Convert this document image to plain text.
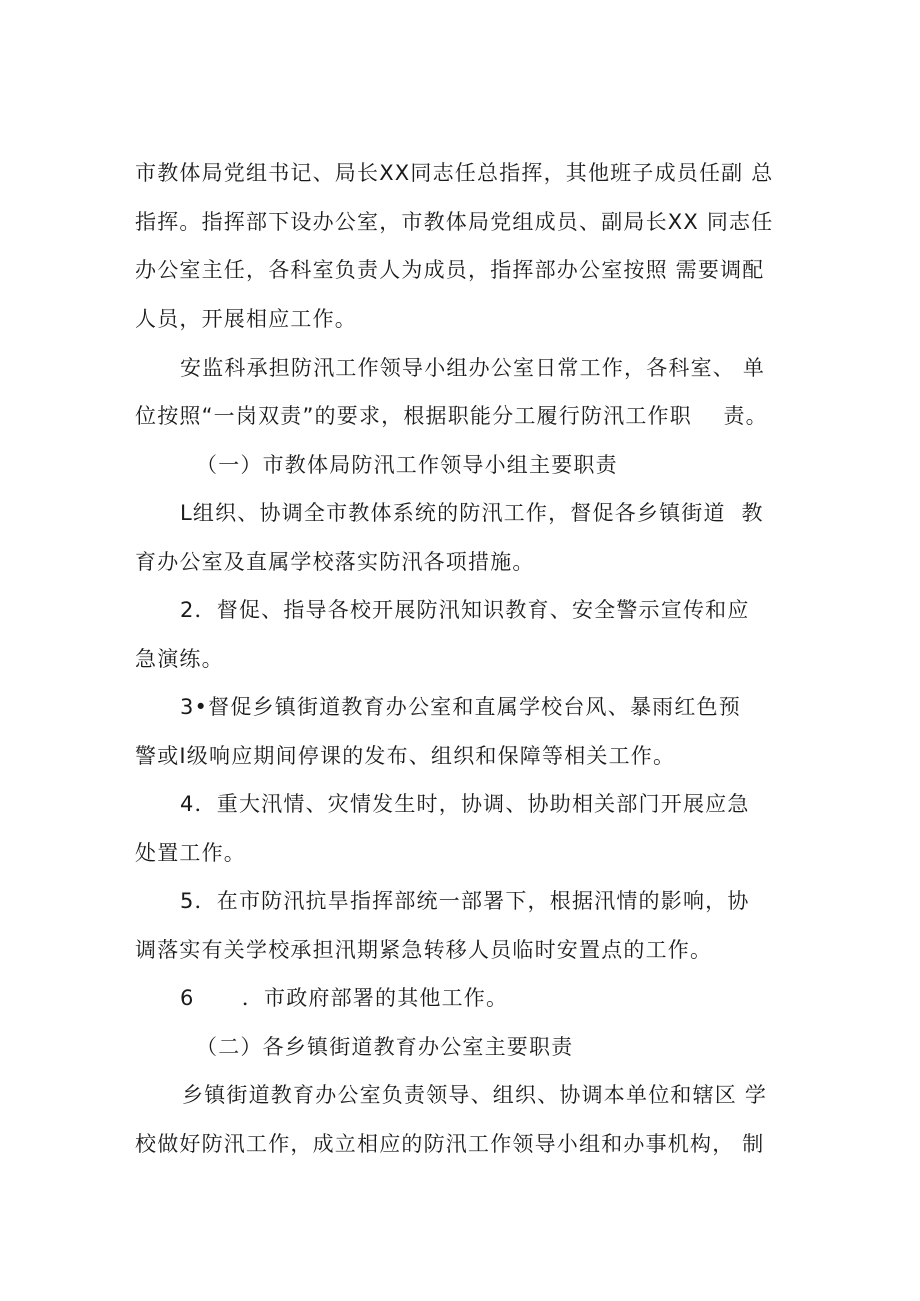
市教体局党组书记、局长XX同志任总指挥，其他班子成员任副 总
指挥。指挥部下设办公室，市教体局党组成员、副局长XX 同志任
办公室主任，各科室负责人为成员，指挥部办公室按照 需要调配
人员，开展相应工作。
安监科承担防汛工作领导小组办公室日常工作，各科室、 单
位按照“一岗双责”的要求，根据职能分工履行防汛工作职    责。
（一）市教体局防汛工作领导小组主要职责
L组织、协调全市教体系统的防汛工作，督促各乡镇街道  教
育办公室及直属学校落实防汛各项措施。
2．督促、指导各校开展防汛知识教育、安全警示宣传和应
急演练。
3•督促乡镇街道教育办公室和直属学校台风、暴雨红色预
警或I级响应期间停课的发布、组织和保障等相关工作。
4．重大汛情、灾情发生时，协调、协助相关部门开展应急
处置工作。
5．在市防汛抗旱指挥部统一部署下，根据汛情的影响，协
调落实有关学校承担汛期紧急转移人员临时安置点的工作。
6      ．市政府部署的其他工作。
（二）各乡镇街道教育办公室主要职责
乡镇街道教育办公室负责领导、组织、协调本单位和辖区 学
校做好防汛工作，成立相应的防汛工作领导小组和办事机构， 制
